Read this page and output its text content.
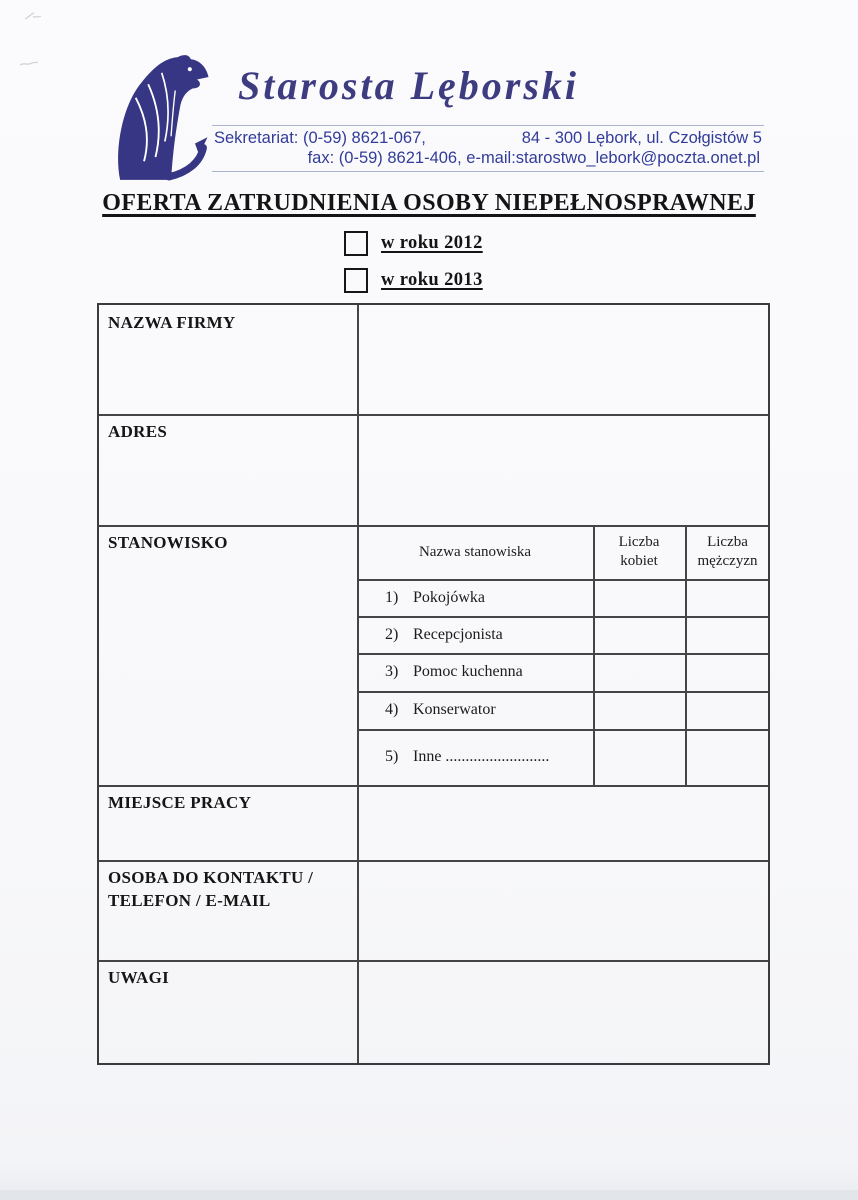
Starosta Lęborski
Sekretariat: (0-59) 8621-067,	84 - 300 Lębork, ul. Czołgistów 5
fax: (0-59) 8621-406, e-mail:starostwo_lebork@poczta.onet.pl
OFERTA ZATRUDNIENIA OSOBY NIEPEŁNOSPRAWNEJ
w roku 2012
w roku 2013
NAZWA FIRMY
ADRES
STANOWISKO
MIEJSCE PRACY
OSOBA DO KONTAKTU / TELEFON / E-MAIL
UWAGI
Nazwa stanowiska
Liczba kobiet
Liczba mężczyzn
1) Pokojówka
2) Recepcjonista
3) Pomoc kuchenna
4) Konserwator
5) Inne ..........................
